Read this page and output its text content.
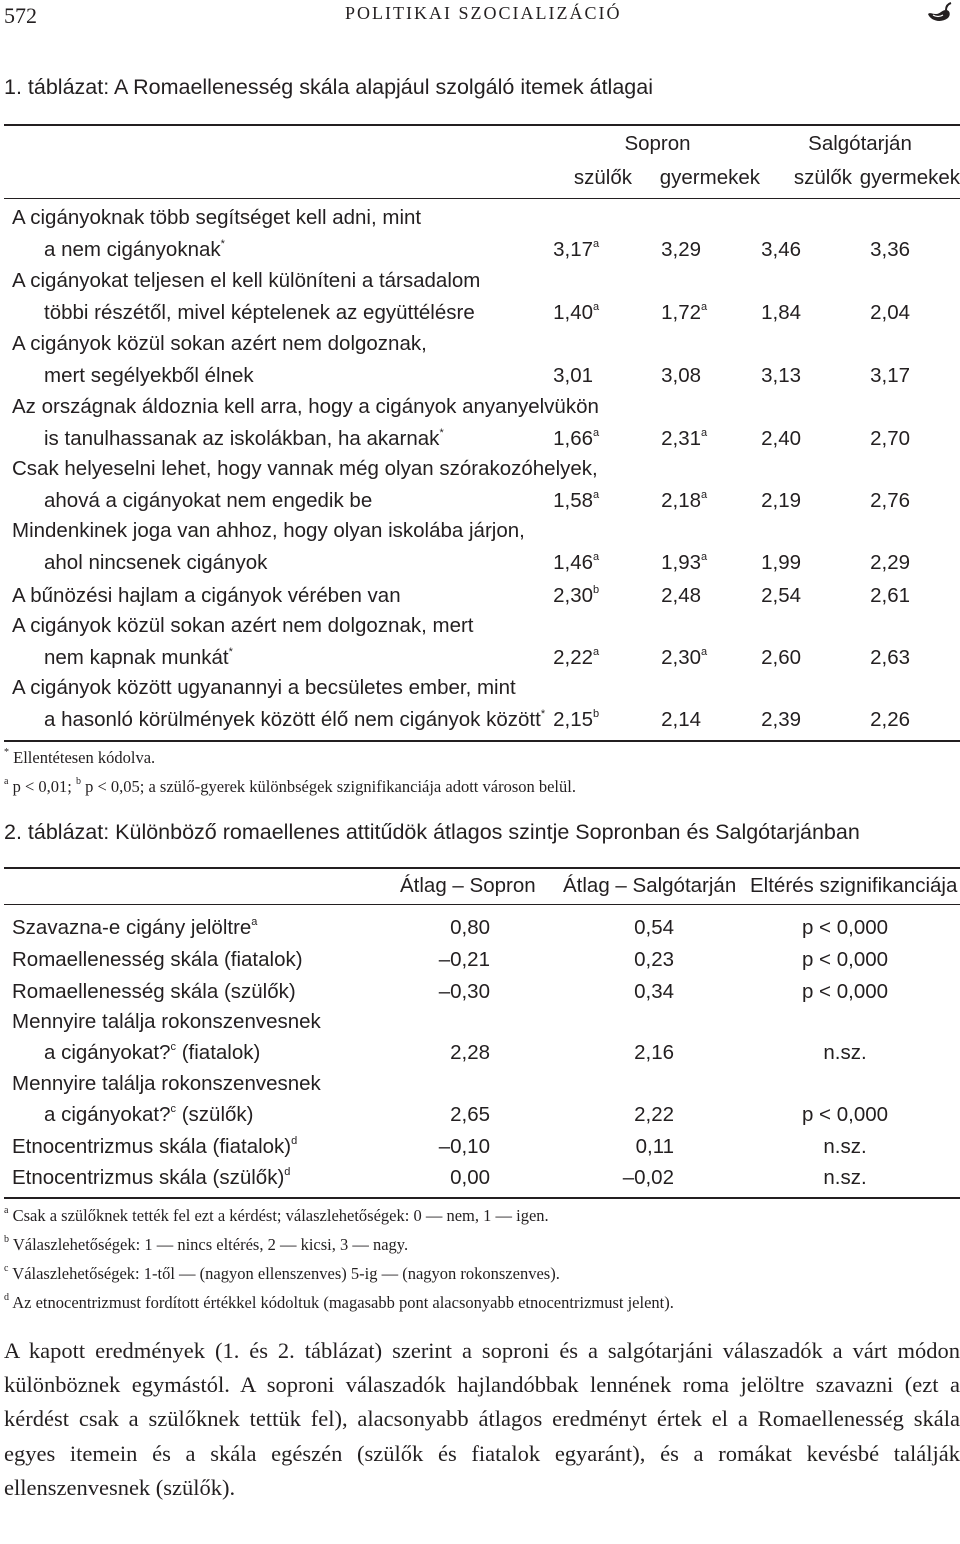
572	POLITIKAI SZOCIALIZÁCIÓ
1. táblázat: A Romaellenesség skála alapjául szolgáló itemek átlagai
Sopron	Salgótarján
szülők gyermekek szülők gyermekek
A cigányoknak több segítséget kell adni, mint
a nem cigányoknak*	3,17$^a$	3,29	3,46	3,36
A cigányokat teljesen el kell különíteni a társadalom
többi részétől, mivel képtelenek az együttélésre	1,40$^a$	1,72$^a$	1,84	2,04
A cigányok közül sokan azért nem dolgoznak,
mert segélyekből élnek	3,01	3,08	3,13	3,17
Az országnak áldoznia kell arra, hogy a cigányok anyanyelvükön
is tanulhassanak az iskolákban, ha akarnak*	1,66$^a$	2,31$^a$	2,40	2,70
Csak helyeselni lehet, hogy vannak még olyan szórakozóhelyek,
ahová a cigányokat nem engedik be	1,58$^a$	2,18$^a$	2,19	2,76
Mindenkinek joga van ahhoz, hogy olyan iskolába járjon,
ahol nincsenek cigányok	1,46$^a$	1,93$^a$	1,99	2,29
A bűnözési hajlam a cigányok vérében van	2,30$^b$	2,48	2,54	2,61
A cigányok közül sokan azért nem dolgoznak, mert
nem kapnak munkát*	2,22$^a$	2,30$^a$	2,60	2,63
A cigányok között ugyanannyi a becsületes ember, mint
a hasonló körülmények között élő nem cigányok között* 2,15$^b$	2,14	2,39	2,26
* Ellentétesen kódolva.
$^a$ p < 0,01; $^b$ p < 0,05; a szülő-gyerek különbségek szignifikanciája adott városon belül.
2. táblázat: Különböző romaellenes attitűdök átlagos szintje Sopronban és Salgótarjánban
Átlag – Sopron Átlag – Salgótarján Eltérés szignifikanciája
Szavazna-e cigány jelöltre$^a$	0,80	0,54	p < 0,000
Romaellenesség skála (fiatalok)	–0,21	0,23	p < 0,000
Romaellenesség skála (szülők)	–0,30	0,34	p < 0,000
Mennyire találja rokonszenvesnek
a cigányokat?$^c$ (fiatalok)	2,28	2,16	n.sz.
Mennyire találja rokonszenvesnek
a cigányokat?$^c$ (szülők)	2,65	2,22	p < 0,000
Etnocentrizmus skála (fiatalok)$^d$	–0,10	0,11	n.sz.
Etnocentrizmus skála (szülők)$^d$	0,00	–0,02	n.sz.
$^a$ Csak a szülőknek tették fel ezt a kérdést; válaszlehetőségek: 0 — nem, 1 — igen.
$^b$ Válaszlehetőségek: 1 — nincs eltérés, 2 — kicsi, 3 — nagy.
$^c$ Válaszlehetőségek: 1-től — (nagyon ellenszenves) 5-ig — (nagyon rokonszenves).
$^d$ Az etnocentrizmust fordított értékkel kódoltuk (magasabb pont alacsonyabb etnocentrizmust jelent).
A kapott eredmények (1. és 2. táblázat) szerint a soproni és a salgótarjáni válaszadók a várt módon különböznek egymástól. A soproni válaszadók hajlandóbbak lennének roma jelöltre szavazni (ezt a kérdést csak a szülőknek tettük fel), alacsonyabb átlagos eredményt értek el a Romaellenesség skála egyes itemein és a skála egészén (szülők és fiatalok egyaránt), és a romákat kevésbé találják ellenszenvesnek (szülők).
